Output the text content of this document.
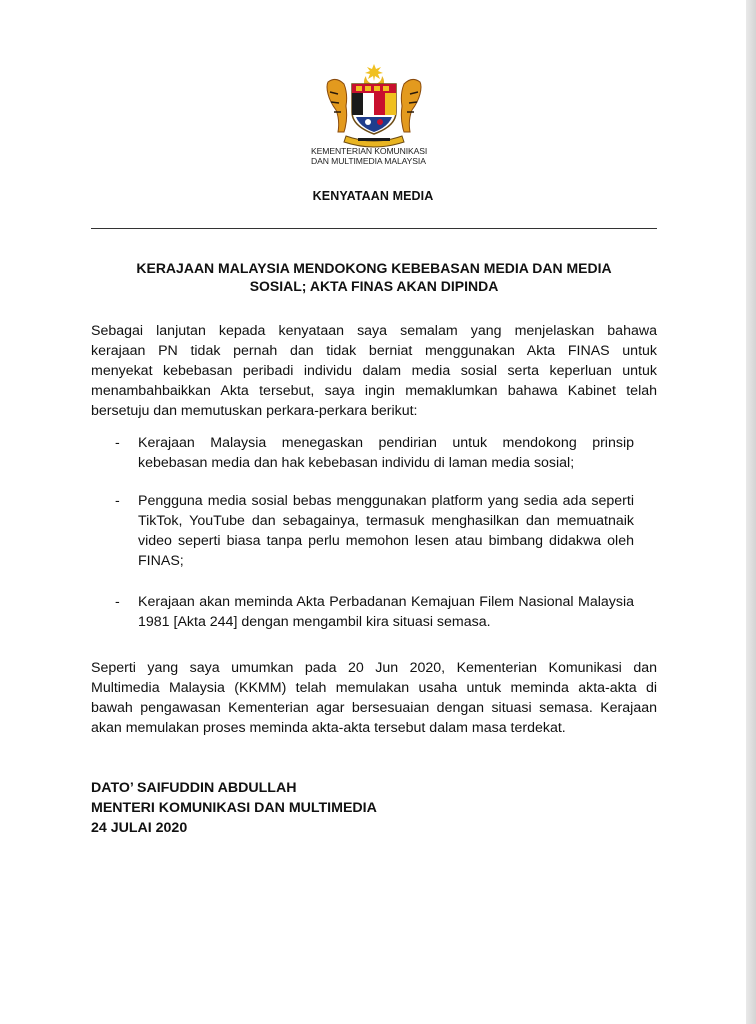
KEMENTERIAN KOMUNIKASI
DAN MULTIMEDIA MALAYSIA
KENYATAAN MEDIA
KERAJAAN MALAYSIA MENDOKONG KEBEBASAN MEDIA DAN MEDIA
SOSIAL; AKTA FINAS AKAN DIPINDA
Sebagai lanjutan kepada kenyataan saya semalam yang menjelaskan bahawa
kerajaan PN tidak pernah dan tidak berniat menggunakan Akta FINAS untuk
menyekat kebebasan peribadi individu dalam media sosial serta keperluan untuk
menambahbaikkan Akta tersebut, saya ingin memaklumkan bahawa Kabinet telah
bersetuju dan memutuskan perkara-perkara berikut:
- Kerajaan Malaysia menegaskan pendirian untuk mendokong prinsip
kebebasan media dan hak kebebasan individu di laman media sosial;
- Pengguna media sosial bebas menggunakan platform yang sedia ada seperti
TikTok, YouTube dan sebagainya, termasuk menghasilkan dan memuatnaik
video seperti biasa tanpa perlu memohon lesen atau bimbang didakwa oleh
FINAS;
- Kerajaan akan meminda Akta Perbadanan Kemajuan Filem Nasional Malaysia
1981 [Akta 244] dengan mengambil kira situasi semasa.
Seperti yang saya umumkan pada 20 Jun 2020, Kementerian Komunikasi dan
Multimedia Malaysia (KKMM) telah memulakan usaha untuk meminda akta-akta di
bawah pengawasan Kementerian agar bersesuaian dengan situasi semasa. Kerajaan
akan memulakan proses meminda akta-akta tersebut dalam masa terdekat.
DATO’ SAIFUDDIN ABDULLAH
MENTERI KOMUNIKASI DAN MULTIMEDIA
24 JULAI 2020
